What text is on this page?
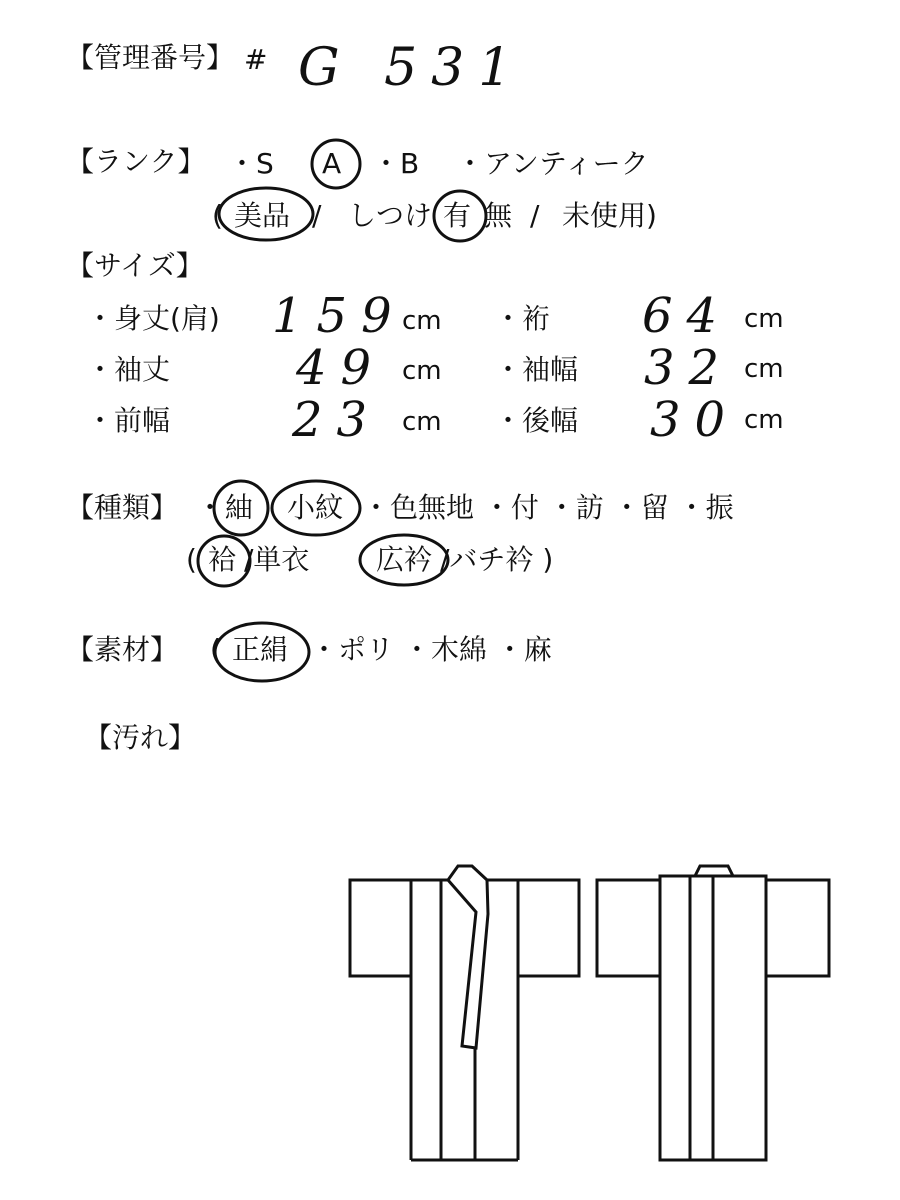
【管理番号】 # G 531
【ランク】 ・S A ・B ・アンティーク
( 美品 / しつけ 有 無 / 未使用)
【サイズ】
・身丈(肩) 159
cm ・裄 64 cm
・袖丈	49 cm ・袖幅 32 cm
・前幅	23 cm ・後幅 30 cm
【種類】 ・ 紬 小紋 ・色無地 ・付 ・訪 ・留 ・振
( 袷 /単衣 広衿 /バチ衿 )
【素材】 ( 正絹 ・ポリ ・木綿 ・麻
【汚れ】
